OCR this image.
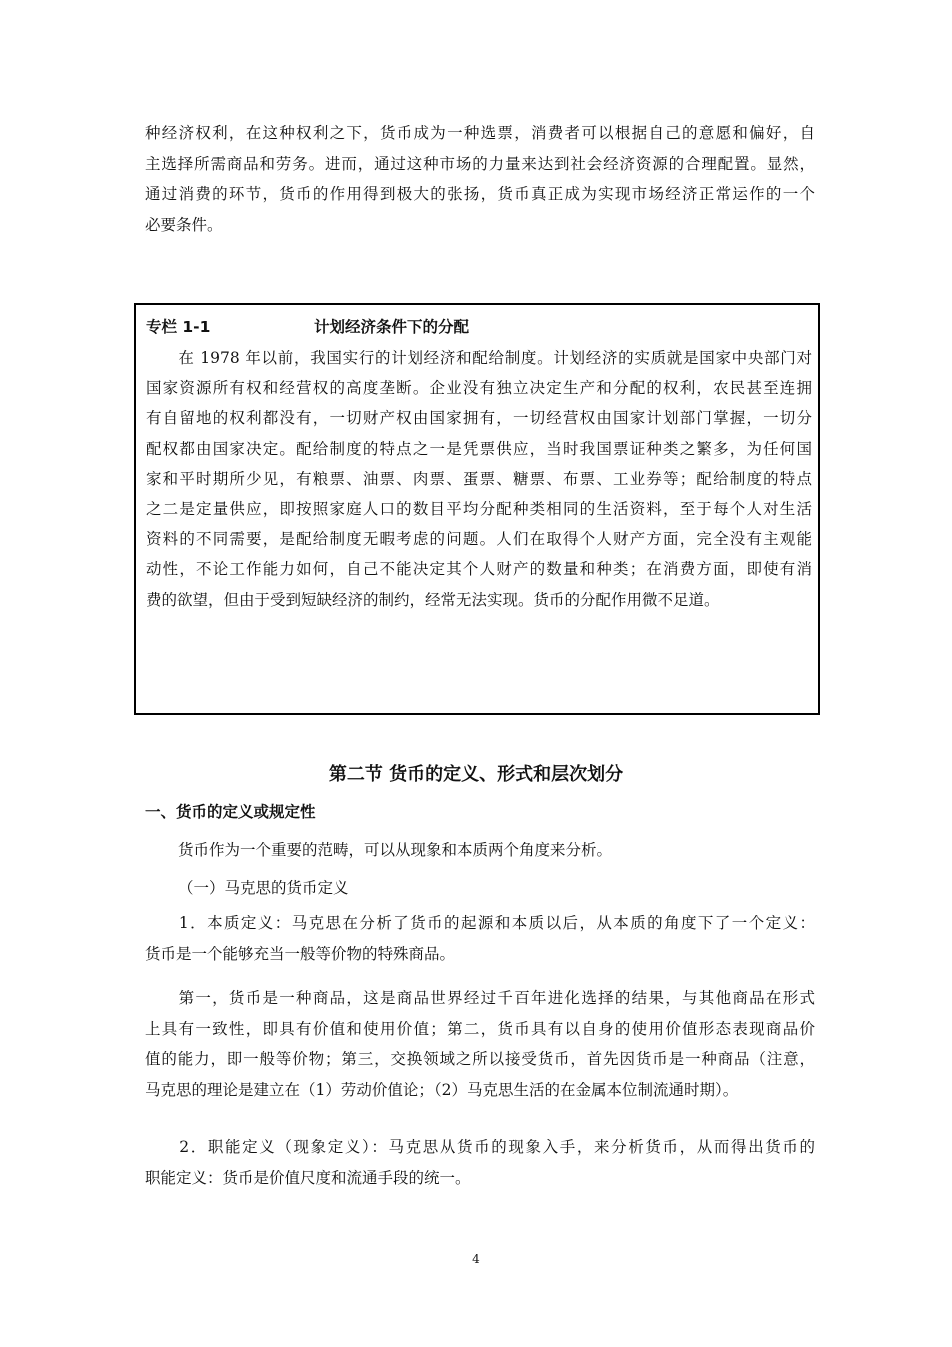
种经济权利，在这种权利之下，货币成为一种选票，消费者可以根据自己的意愿和偏好，自
主选择所需商品和劳务。进而，通过这种市场的力量来达到社会经济资源的合理配置。显然，
通过消费的环节，货币的作用得到极大的张扬，货币真正成为实现市场经济正常运作的一个
必要条件。
专栏 1-1	计划经济条件下的分配
　　在 1978 年以前，我国实行的计划经济和配给制度。计划经济的实质就是国家中央部门对
国家资源所有权和经营权的高度垄断。企业没有独立决定生产和分配的权利，农民甚至连拥
有自留地的权利都没有，一切财产权由国家拥有，一切经营权由国家计划部门掌握，一切分
配权都由国家决定。配给制度的特点之一是凭票供应，当时我国票证种类之繁多，为任何国
家和平时期所少见，有粮票、油票、肉票、蛋票、糖票、布票、工业券等；配给制度的特点
之二是定量供应，即按照家庭人口的数目平均分配种类相同的生活资料，至于每个人对生活
资料的不同需要，是配给制度无暇考虑的问题。人们在取得个人财产方面，完全没有主观能
动性，不论工作能力如何，自己不能决定其个人财产的数量和种类；在消费方面，即使有消
费的欲望，但由于受到短缺经济的制约，经常无法实现。货币的分配作用微不足道。
第二节 货币的定义、形式和层次划分
一、货币的定义或规定性
货币作为一个重要的范畴，可以从现象和本质两个角度来分析。
（一）马克思的货币定义
　　1．本质定义：马克思在分析了货币的起源和本质以后，从本质的角度下了一个定义：
货币是一个能够充当一般等价物的特殊商品。
　　第一，货币是一种商品，这是商品世界经过千百年进化选择的结果，与其他商品在形式
上具有一致性，即具有价值和使用价值；第二，货币具有以自身的使用价值形态表现商品价
值的能力，即一般等价物；第三，交换领域之所以接受货币，首先因货币是一种商品（注意，
马克思的理论是建立在（1）劳动价值论；（2）马克思生活的在金属本位制流通时期）。
　　2．职能定义（现象定义）：马克思从货币的现象入手，来分析货币，从而得出货币的
职能定义：货币是价值尺度和流通手段的统一。
4
